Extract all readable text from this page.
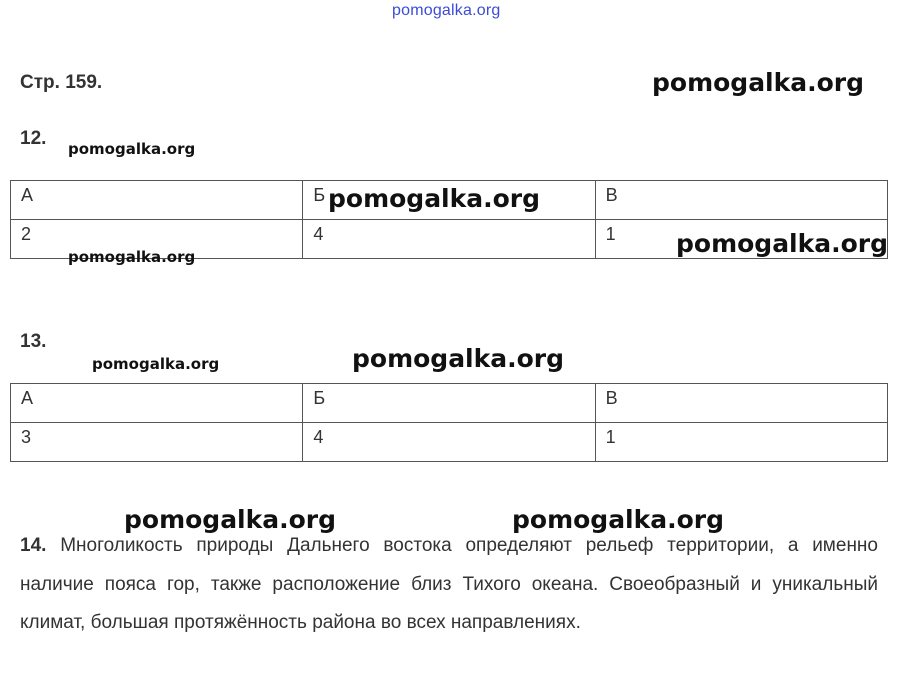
pomogalka.org
Стр. 159.	pomogalka.org
pomogalka.org
12.
А	Б	В
2	4	1
pomogalka.org
pomogalka.org
pomogalka.org
13.
pomogalka.org
pomogalka.org
А	Б	В
3	4	1
pomogalka.org	pomogalka.org

14. Многоликость природы Дальнего востока определяют рельеф территории, а именно наличие пояса гор, также расположение близ Тихого океана. Своеобразный и уникальный климат, большая протяжённость района во всех направлениях.
